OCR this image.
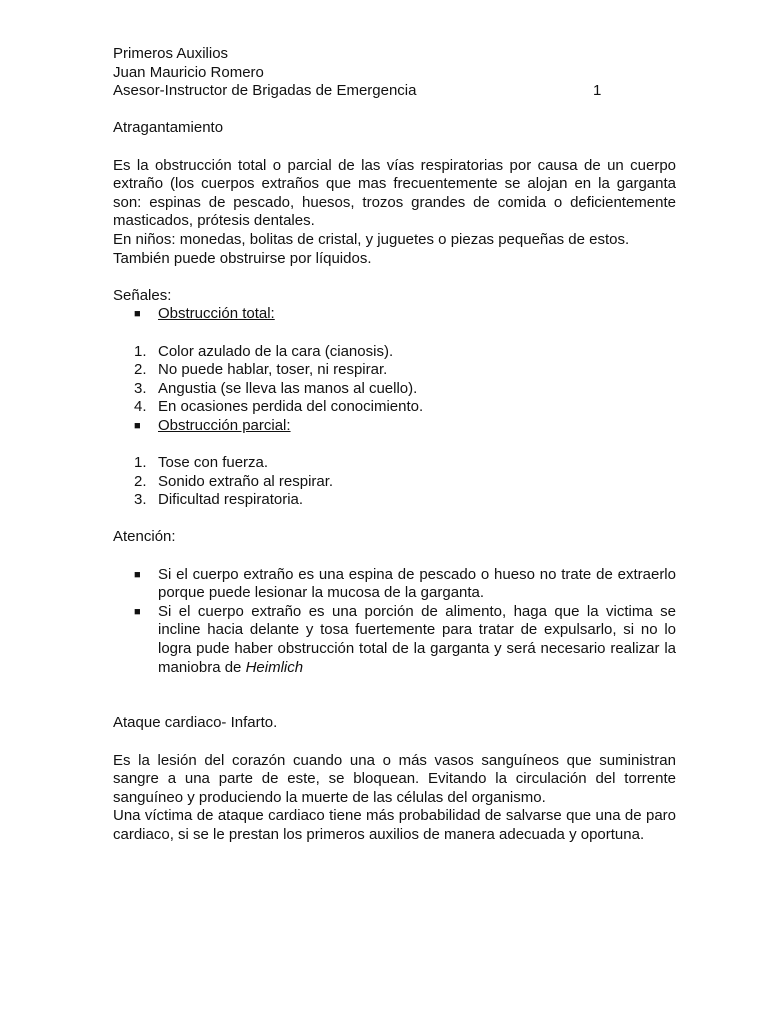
Primeros Auxilios
Juan Mauricio Romero
Asesor-Instructor de Brigadas de Emergencia	1
Atragantamiento
Es la obstrucción total o parcial de las vías respiratorias por causa de un cuerpo extraño (los cuerpos extraños que mas frecuentemente se alojan en la garganta son: espinas de pescado, huesos, trozos grandes de comida o deficientemente masticados, prótesis dentales.
En niños: monedas, bolitas de cristal, y juguetes o piezas pequeñas de estos.
También puede obstruirse por líquidos.
Señales:
■ Obstrucción total:
1. Color azulado de la cara (cianosis).
2. No puede hablar, toser, ni respirar.
3. Angustia (se lleva las manos al cuello).
4. En ocasiones perdida del conocimiento.
■ Obstrucción parcial:
1. Tose con fuerza.
2. Sonido extraño al respirar.
3. Dificultad respiratoria.
Atención:
■ Si el cuerpo extraño es una espina de pescado o hueso no trate de extraerlo porque puede lesionar la mucosa de la garganta.
■ Si el cuerpo extraño es una porción de alimento, haga que la victima se incline hacia delante y tosa fuertemente para tratar de expulsarlo, si no lo logra pude haber obstrucción total de la garganta y será necesario realizar la maniobra de Heimlich
Ataque cardiaco- Infarto.
Es la lesión del corazón cuando una o más vasos sanguíneos que suministran sangre a una parte de este, se bloquean. Evitando la circulación del torrente sanguíneo y produciendo la muerte de las células del organismo.
Una víctima de ataque cardiaco tiene más probabilidad de salvarse que una de paro cardiaco, si se le prestan los primeros auxilios de manera adecuada y oportuna.
